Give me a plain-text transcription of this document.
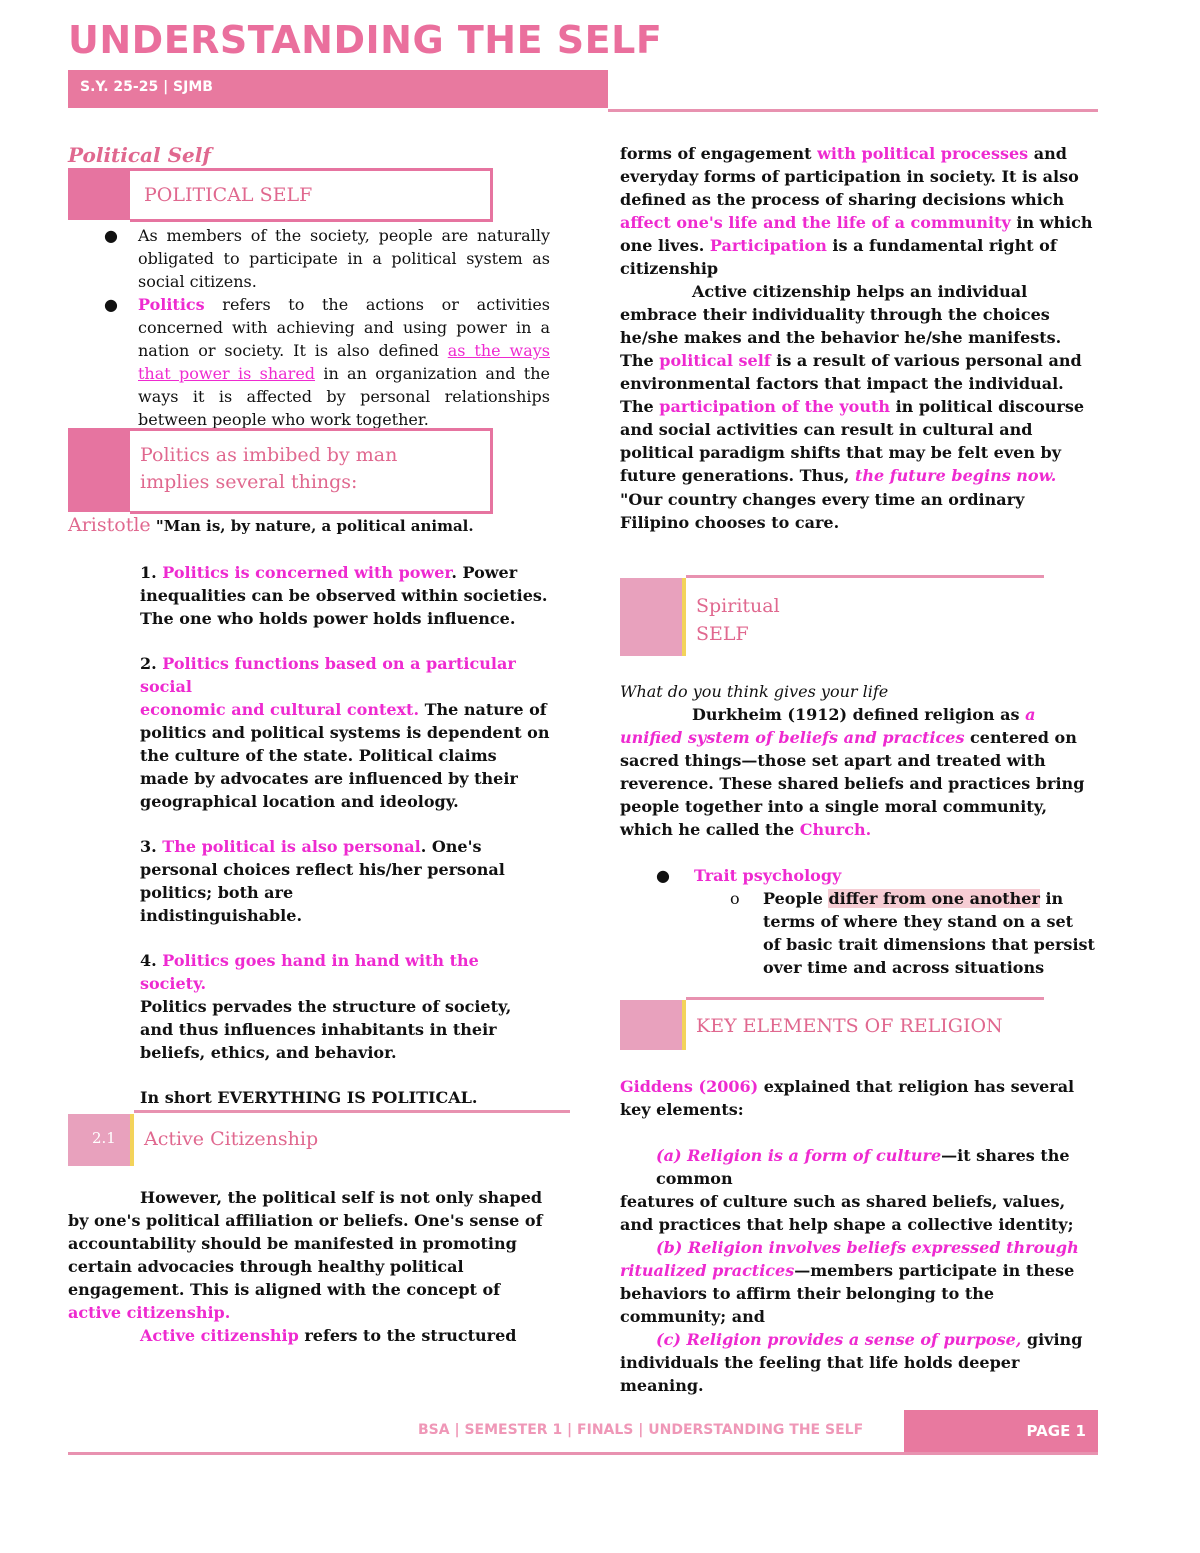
UNDERSTANDING THE SELF
S.Y. 25-25 | SJMB
Political Self
POLITICAL SELF
● As members of the society, people are naturally obligated to participate in a political system as social citizens.
● Politics refers to the actions or activities concerned with achieving and using power in a nation or society. It is also defined as the ways that power is shared in an organization and the ways it is affected by personal relationships between people who work together.
Politics as imbibed by man implies several things:
Aristotle "Man is, by nature, a political animal.
1. Politics is concerned with power. Power inequalities can be observed within societies. The one who holds power holds influence.
2. Politics functions based on a particular social
economic and cultural context. The nature of politics and political systems is dependent on the culture of the state. Political claims made by advocates are influenced by their geographical location and ideology.
3. The political is also personal. One's personal choices reflect his/her personal politics; both are
indistinguishable.
4. Politics goes hand in hand with the society.
Politics pervades the structure of society, and thus influences inhabitants in their beliefs, ethics, and behavior.
In short EVERYTHING IS POLITICAL.
2.1 Active Citizenship
However, the political self is not only shaped by one's political affiliation or beliefs. One's sense of accountability should be manifested in promoting certain advocacies through healthy political engagement. This is aligned with the concept of active citizenship.
Active citizenship refers to the structured
forms of engagement with political processes and everyday forms of participation in society. It is also defined as the process of sharing decisions which affect one's life and the life of a community in which one lives. Participation is a fundamental right of citizenship
Active citizenship helps an individual embrace their individuality through the choices he/she makes and the behavior he/she manifests. The political self is a result of various personal and environmental factors that impact the individual. The participation of the youth in political discourse and social activities can result in cultural and political paradigm shifts that may be felt even by future generations. Thus, the future begins now.
"Our country changes every time an ordinary Filipino chooses to care.
Spiritual SELF
What do you think gives your life
Durkheim (1912) defined religion as a unified system of beliefs and practices centered on sacred things—those set apart and treated with reverence. These shared beliefs and practices bring people together into a single moral community, which he called the Church.
● Trait psychology
o People differ from one another in terms of where they stand on a set of basic trait dimensions that persist over time and across situations
KEY ELEMENTS OF RELIGION
Giddens (2006) explained that religion has several key elements:
(a) Religion is a form of culture—it shares the common
features of culture such as shared beliefs, values, and practices that help shape a collective identity;
(b) Religion involves beliefs expressed through ritualized practices—members participate in these behaviors to affirm their belonging to the community; and
(c) Religion provides a sense of purpose, giving individuals the feeling that life holds deeper meaning.
BSA | SEMESTER 1 | FINALS | UNDERSTANDING THE SELF	PAGE 1
